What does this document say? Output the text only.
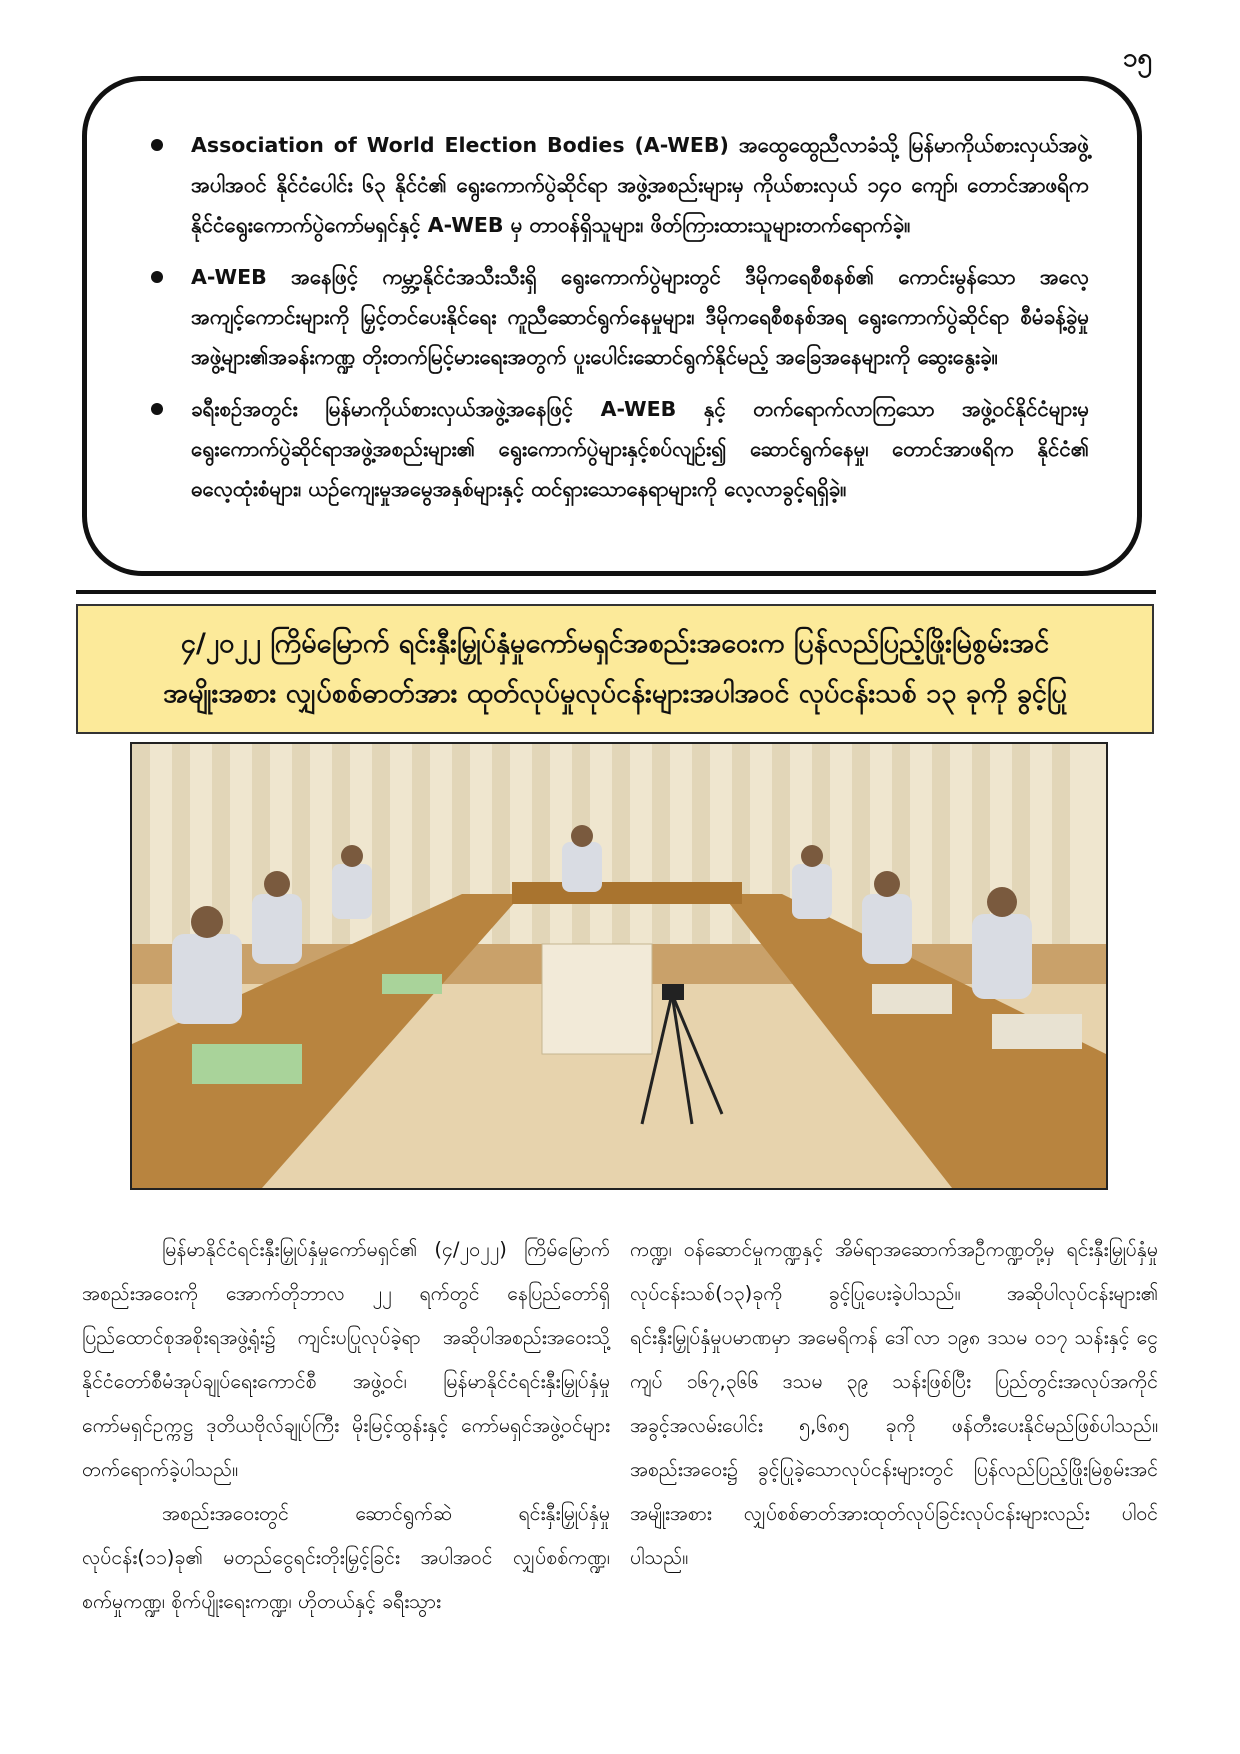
၁၅
Association of World Election Bodies (A-WEB) အထွေထွေညီလာခံသို့ မြန်မာကိုယ်စားလှယ်အဖွဲ့အပါအဝင် နိုင်ငံပေါင်း ၆၃ နိုင်ငံ၏ ရွေးကောက်ပွဲဆိုင်ရာ အဖွဲ့အစည်းများမှ ကိုယ်စားလှယ် ၁၄၀ ကျော်၊ တောင်အာဖရိက နိုင်ငံရွေးကောက်ပွဲကော်မရှင်နှင့် A-WEB မှ တာဝန်ရှိသူများ၊ ဖိတ်ကြားထားသူများတက်ရောက်ခဲ့။
A-WEB အနေဖြင့် ကမ္ဘာ့နိုင်ငံအသီးသီးရှိ ရွေးကောက်ပွဲများတွင် ဒီမိုကရေစီစနစ်၏ ကောင်းမွန်သော အလေ့ အကျင့်ကောင်းများကို မြှင့်တင်ပေးနိုင်ရေး ကူညီဆောင်ရွက်နေမှုများ၊ ဒီမိုကရေစီစနစ်အရ ရွေးကောက်ပွဲဆိုင်ရာ စီမံခန့်ခွဲမှုအဖွဲ့များ၏အခန်းကဏ္ဍ တိုးတက်မြင့်မားရေးအတွက် ပူးပေါင်းဆောင်ရွက်နိုင်မည့် အခြေအနေများကို ဆွေးနွေးခဲ့။
ခရီးစဉ်အတွင်း မြန်မာကိုယ်စားလှယ်အဖွဲ့အနေဖြင့် A-WEB နှင့် တက်ရောက်လာကြသော အဖွဲ့ဝင်နိုင်ငံများမှ ရွေးကောက်ပွဲဆိုင်ရာအဖွဲ့အစည်းများ၏ ရွေးကောက်ပွဲများနှင့်စပ်လျဉ်း၍ ဆောင်ရွက်နေမှု၊ တောင်အာဖရိက နိုင်ငံ၏ ဓလေ့ထုံးစံများ၊ ယဉ်ကျေးမှုအမွေအနှစ်များနှင့် ထင်ရှားသောနေရာများကို လေ့လာခွင့်ရရှိခဲ့။
၄/၂၀၂၂ ကြိမ်မြောက် ရင်းနှီးမြှုပ်နှံမှုကော်မရှင်အစည်းအဝေးက ပြန်လည်ပြည့်ဖြိုးမြဲစွမ်းအင်
အမျိုးအစား လျှပ်စစ်ဓာတ်အား ထုတ်လုပ်မှုလုပ်ငန်းများအပါအဝင် လုပ်ငန်းသစ် ၁၃ ခုကို ခွင့်ပြု

မြန်မာနိုင်ငံရင်းနှီးမြှုပ်နှံမှုကော်မရှင်၏ (၄/၂၀၂၂) ကြိမ်မြောက် အစည်းအဝေးကို အောက်တိုဘာလ ၂၂ ရက်တွင် နေပြည်တော်ရှိ ပြည်ထောင်စုအစိုးရအဖွဲ့ရုံး၌ ကျင်းပပြုလုပ်ခဲ့ရာ အဆိုပါအစည်းအဝေးသို့ နိုင်ငံတော်စီမံအုပ်ချုပ်ရေးကောင်စီ အဖွဲ့ဝင်၊ မြန်မာနိုင်ငံရင်းနှီးမြှုပ်နှံမှုကော်မရှင်ဥက္ကဋ္ဌ ဒုတိယဗိုလ်ချုပ်ကြီး မိုးမြင့်ထွန်းနှင့် ကော်မရှင်အဖွဲ့ဝင်များ တက်ရောက်ခဲ့ပါသည်။

အစည်းအဝေးတွင် ဆောင်ရွက်ဆဲ ရင်းနှီးမြှုပ်နှံမှုလုပ်ငန်း(၁၁)ခု၏ မတည်ငွေရင်းတိုးမြှင့်ခြင်း အပါအဝင် လျှပ်စစ်ကဏ္ဍ၊ စက်မှုကဏ္ဍ၊ စိုက်ပျိုးရေးကဏ္ဍ၊ ဟိုတယ်နှင့် ခရီးသွား

ကဏ္ဍ၊ ဝန်ဆောင်မှုကဏ္ဍနှင့် အိမ်ရာအဆောက်အဦကဏ္ဍတို့မှ ရင်းနှီးမြှုပ်နှံမှုလုပ်ငန်းသစ်(၁၃)ခုကို ခွင့်ပြုပေးခဲ့ပါသည်။ အဆိုပါလုပ်ငန်းများ၏ ရင်းနှီးမြှုပ်နှံမှုပမာဏမှာ အမေရိကန် ဒေါ်လာ ၁၉၈ ဒသမ ၀၁၇ သန်းနှင့် ငွေကျပ် ၁၆၇,၃၆၆ ဒသမ ၃၉ သန်းဖြစ်ပြီး ပြည်တွင်းအလုပ်အကိုင် အခွင့်အလမ်းပေါင်း ၅,၆၈၅ ခုကို ဖန်တီးပေးနိုင်မည်ဖြစ်ပါသည်။ အစည်းအဝေး၌ ခွင့်ပြုခဲ့သောလုပ်ငန်းများတွင် ပြန်လည်ပြည့်ဖြိုးမြဲစွမ်းအင် အမျိုးအစား လျှပ်စစ်ဓာတ်အားထုတ်လုပ်ခြင်းလုပ်ငန်းများလည်း ပါဝင်ပါသည်။
